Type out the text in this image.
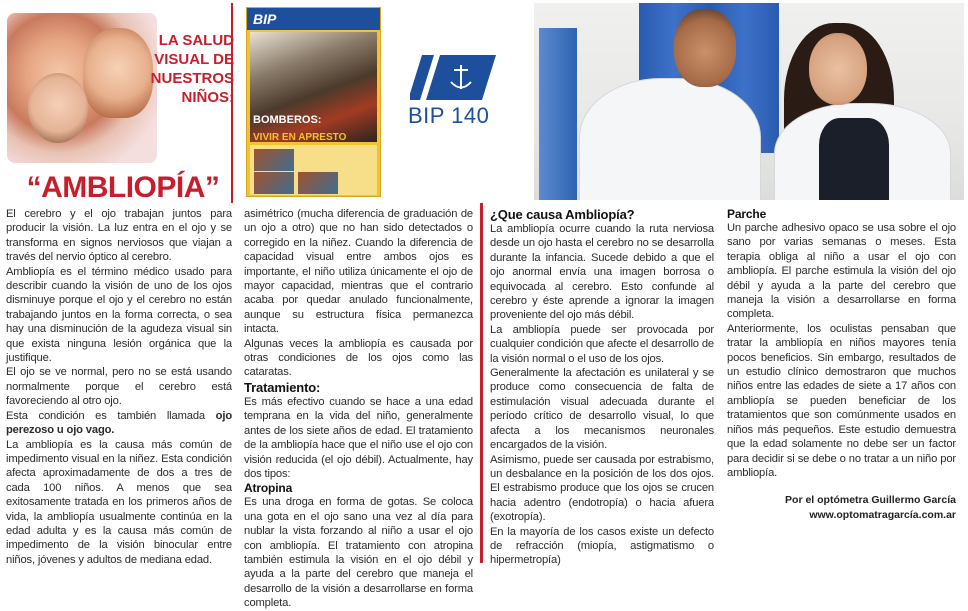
LA SALUD
VISUAL DE
NUESTROS
NIÑOS:
“AMBLIOPÍA”
BIP
BOMBEROS:
VIVIR EN APRESTO
BIP 140

El cerebro y el ojo trabajan juntos para producir la visión. La luz entra en el ojo y se transforma en signos nerviosos que viajan a través del nervio óptico al cerebro.

Ambliopía es el término médico usado para describir cuando la visión de uno de los ojos disminuye porque el ojo y el cerebro no están trabajando juntos en la forma correcta, o sea hay una disminución de la agudeza visual sin que exista ninguna lesión orgánica que la justifique.

El ojo se ve normal, pero no se está usando normalmente porque el cerebro está favoreciendo al otro ojo.

Esta condición es también llamada ojo perezoso u ojo vago.

La ambliopía es la causa más común de impedimento visual en la niñez. Esta condición afecta aproximadamente de dos a tres de cada 100 niños. A menos que sea exitosamente tratada en los primeros años de vida, la ambliopía usualmente continúa en la edad adulta y es la causa más común de impedimento de la visión binocular entre niños, jóvenes y adultos de mediana edad.

asimétrico (mucha diferencia de graduación de un ojo a otro) que no han sido detectados o corregido en la niñez. Cuando la diferencia de capacidad visual entre ambos ojos es importante, el niño utiliza únicamente el ojo de mayor capacidad, mientras que el contrario acaba por quedar anulado funcionalmente, aunque su estructura física permanezca intacta.

Algunas veces la ambliopía es causada por otras condiciones de los ojos como las cataratas.

Tratamiento:

Es más efectivo cuando se hace a una edad temprana en la vida del niño, generalmente antes de los siete años de edad. El tratamiento de la ambliopía hace que el niño use el ojo con visión reducida (el ojo débil). Actualmente, hay dos tipos:

Atropina

Es una droga en forma de gotas. Se coloca una gota en el ojo sano una vez al día para nublar la vista forzando al niño a usar el ojo con ambliopía. El tratamiento con atropina también estimula la visión en el ojo débil y ayuda a la parte del cerebro que maneja el desarrollo de la visión a desarrollarse en forma completa.

¿Que causa Ambliopía?

La ambliopía ocurre cuando la ruta nerviosa desde un ojo hasta el cerebro no se desarrolla durante la infancia. Sucede debido a que el ojo anormal envía una imagen borrosa o equivocada al cerebro. Esto confunde al cerebro y éste aprende a ignorar la imagen proveniente del ojo más débil.

La ambliopía puede ser provocada por cualquier condición que afecte el desarrollo de la visión normal o el uso de los ojos.

Generalmente la afectación es unilateral y se produce como consecuencia de falta de estimulación visual adecuada durante el período crítico de desarrollo visual, lo que afecta a los mecanismos neuronales encargados de la visión.

Asimismo, puede ser causada por estrabismo, un desbalance en la posición de los dos ojos. El estrabismo produce que los ojos se crucen hacia adentro (endotropía) o hacia afuera (exotropía).

En la mayoría de los casos existe un defecto de refracción (miopía, astigmatismo o hipermetropía)

Parche

Un parche adhesivo opaco se usa sobre el ojo sano por varias semanas o meses. Esta terapia obliga al niño a usar el ojo con ambliopía. El parche estimula la visión del ojo débil y ayuda a la parte del cerebro que maneja la visión a desarrollarse en forma completa.

Anteriormente, los oculistas pensaban que tratar la ambliopía en niños mayores tenía pocos beneficios. Sin embargo, resultados de un estudio clínico demostraron que muchos niños entre las edades de siete a 17 años con ambliopía se pueden beneficiar de los tratamientos que son comúnmente usados en niños más pequeños. Este estudio demuestra que la edad solamente no debe ser un factor para decidir si se debe o no tratar a un niño por ambliopía.

Por el optómetra Guillermo García
www.optomatragarcía.com.ar
